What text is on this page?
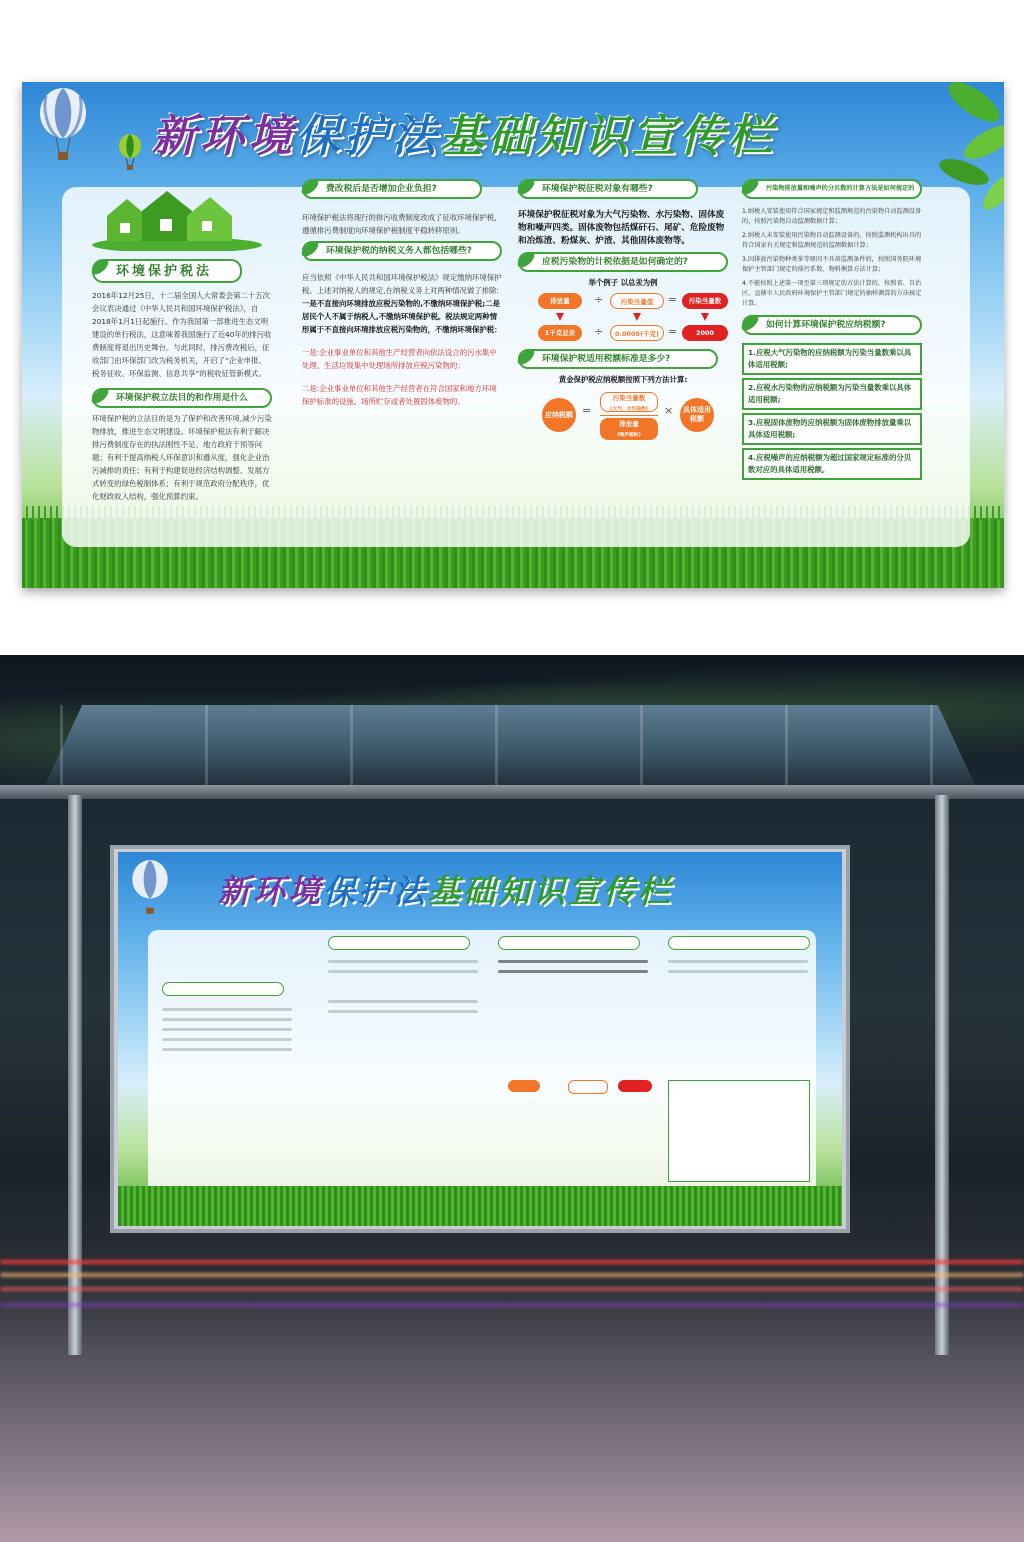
新环境保护法基础知识宣传栏
环境保护税法

2016年12月25日，十二届全国人大常委会第二十五次会议表决通过《中华人民共和国环境保护税法》，自2018年1月1日起施行。作为我国第一部推进生态文明建设的单行税法，这意味着我国施行了近40年的排污收费制度将退出历史舞台。与此同时，排污费改税后，征收部门由环保部门改为税务机关，开启了“企业申报、税务征收、环保监测、信息共享”的税收征管新模式。

环境保护税立法目的和作用是什么

环境保护税的立法目的是为了保护和改善环境,减少污染物排放，推进生态文明建设。环境保护税法有利于解决排污费制度存在的执法刚性不足、地方政府干预等问题；有利于提高纳税人环保意识和遵从度，强化企业治污减排的责任；有利于构建促进经济结构调整、发展方式转变的绿色税制体系；有利于规范政府分配秩序，优化财政收入结构，强化预算约束。

费改税后是否增加企业负担?

环境保护税法将现行的排污收费制度改成了征收环境保护税，遵循排污费制度向环境保护税制度平稳转移原则。

环境保护税的纳税义务人都包括哪些?

应当依照《中华人民共和国环境保护税法》规定缴纳环境保护税。上述对纳税人的规定,在纳税义务上对两种情况做了排除:

一是不直接向环境排放应税污染物的,不缴纳环境保护税;二是居民个人不属于纳税人,不缴纳环境保护税。税法规定两种情形属于不直接向环境排放应税污染物的，不缴纳环境保护税：

一是:企业事业单位和其他生产经营者向依法设立的污水集中处理、生活垃圾集中处理场所排放应税污染物的；

二是:企业事业单位和其他生产经营者在符合国家和地方环境保护标准的设施、场所贮存或者处置固体废物的。

环境保护税征税对象有哪些?

环境保护税征税对象为大气污染物、水污染物、固体废物和噪声四类。固体废物包括煤矸石、尾矿、危险废物和冶炼渣、粉煤灰、炉渣、其他固体废物等。

应税污染物的计税依据是如何确定的?

举个例子 以总汞为例

排放量	÷	污染当量值	=	污染当量数
1千克总汞	÷	0.0005(千克) =	2000
环境保护税适用税额标准是多少?

黄金保护税应纳税额按照下列方法计算:

应纳税额 =
污染当量数
(大气、水污染物)
排放量
(噪声超标)
×	具体适用税额
污染物排放量和噪声的分贝数的计算方法是如何规定的

1.纳税人安装使用符合国家规定和监测规范的污染物自动监测设备的，按照污染物自动监测数据计算；

2.纳税人未安装使用污染物自动监测设备的，按照监测机构出具的符合国家有关规定和监测规范的监测数据计算；

3.因排放污染物种类多等原因不具备监测条件的，按照国务院环境保护主管部门规定的排污系数、物料衡算方法计算；

4.不能按照上述第一项至第三项规定的方法计算的，按照省、自治区、直辖市人民政府环境保护主管部门规定的抽样测算的方法核定计算。

如何计算环境保护税应纳税额?
1.应税大气污染物的应纳税额为污染当量数乘以具体适用税额;
2.应税水污染物的应纳税额为污染当量数乘以具体适用税额;
3.应税固体废物的应纳税额为固体废物排放量乘以具体适用税额;
4.应税噪声的应纳税额为超过国家规定标准的分贝数对应的具体适用税额。
新环境保护法基础知识宣传栏
